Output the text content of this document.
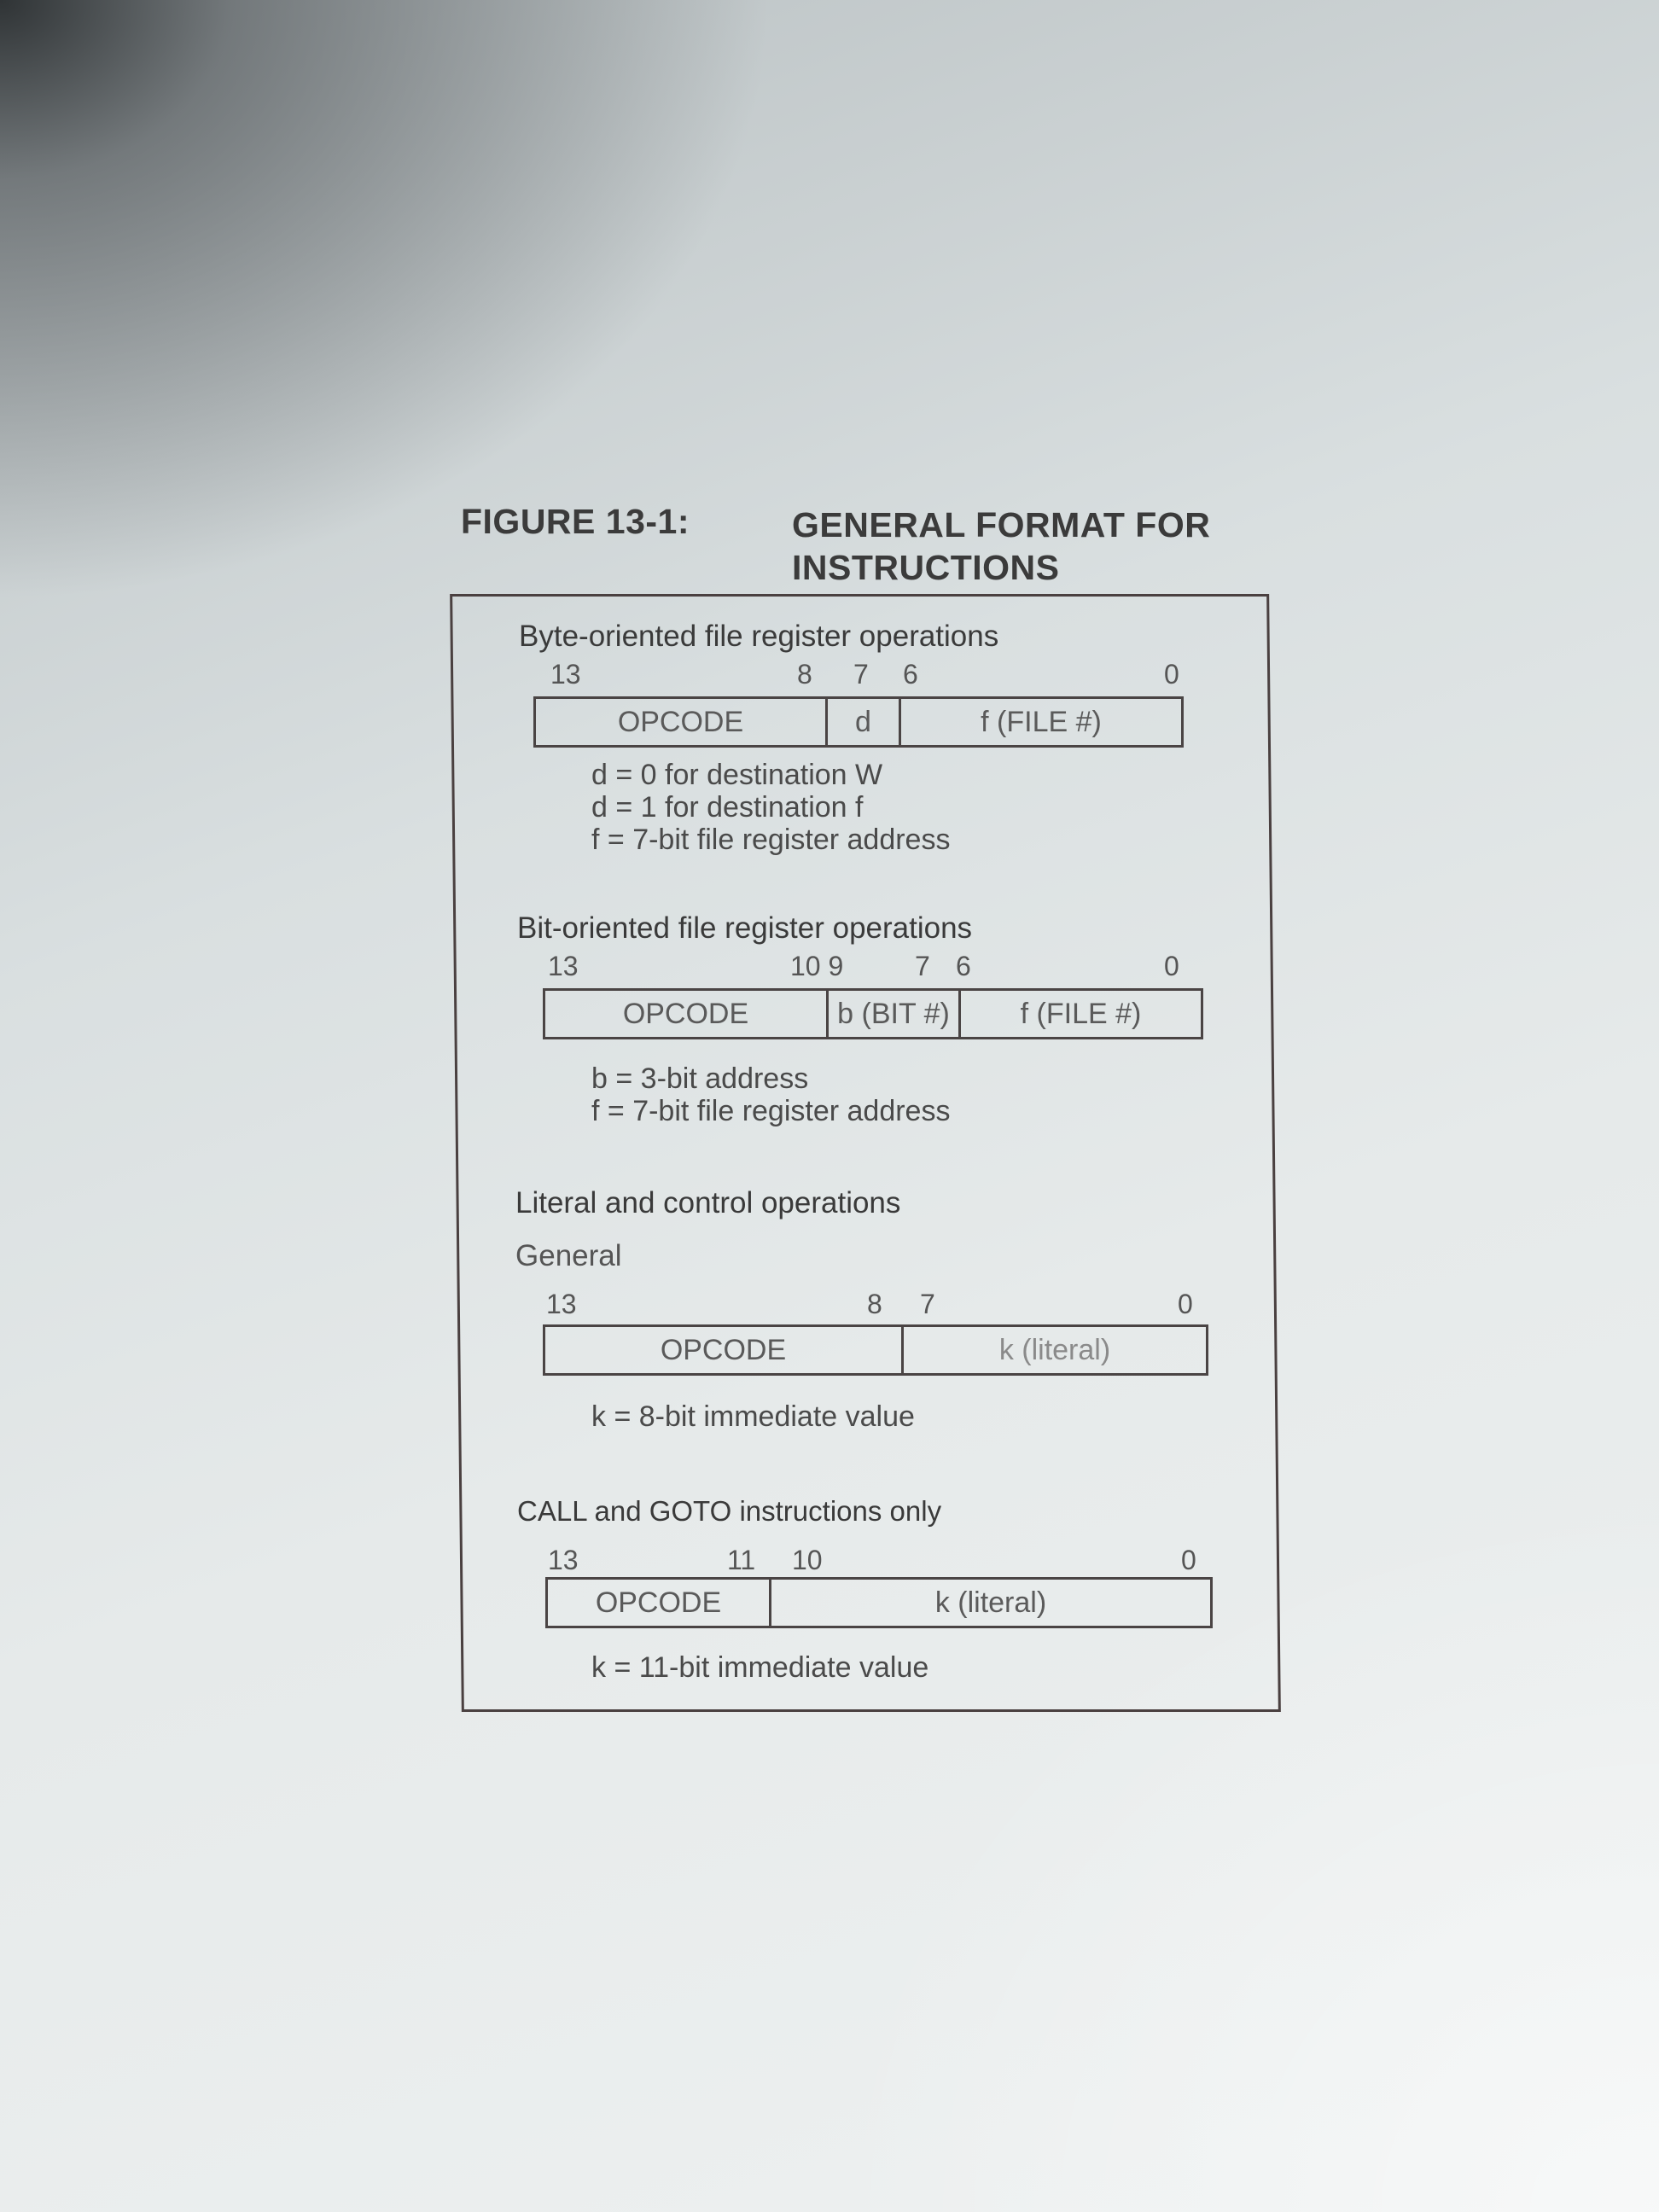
FIGURE 13-1:	GENERAL FORMAT FOR
INSTRUCTIONS
Byte-oriented file register operations
13	8 7 6	0
OPCODE	d	f (FILE #)
d = 0 for destination W
d = 1 for destination f
f = 7-bit file register address
Bit-oriented file register operations
13	10 9	7 6	0
OPCODE	b (BIT #)	f (FILE #)
b = 3-bit address
f = 7-bit file register address
Literal and control operations
General
13	8 7	0
OPCODE	k (literal)
k = 8-bit immediate value
CALL and GOTO instructions only
13	11 10	0
OPCODE	k (literal)
k = 11-bit immediate value
